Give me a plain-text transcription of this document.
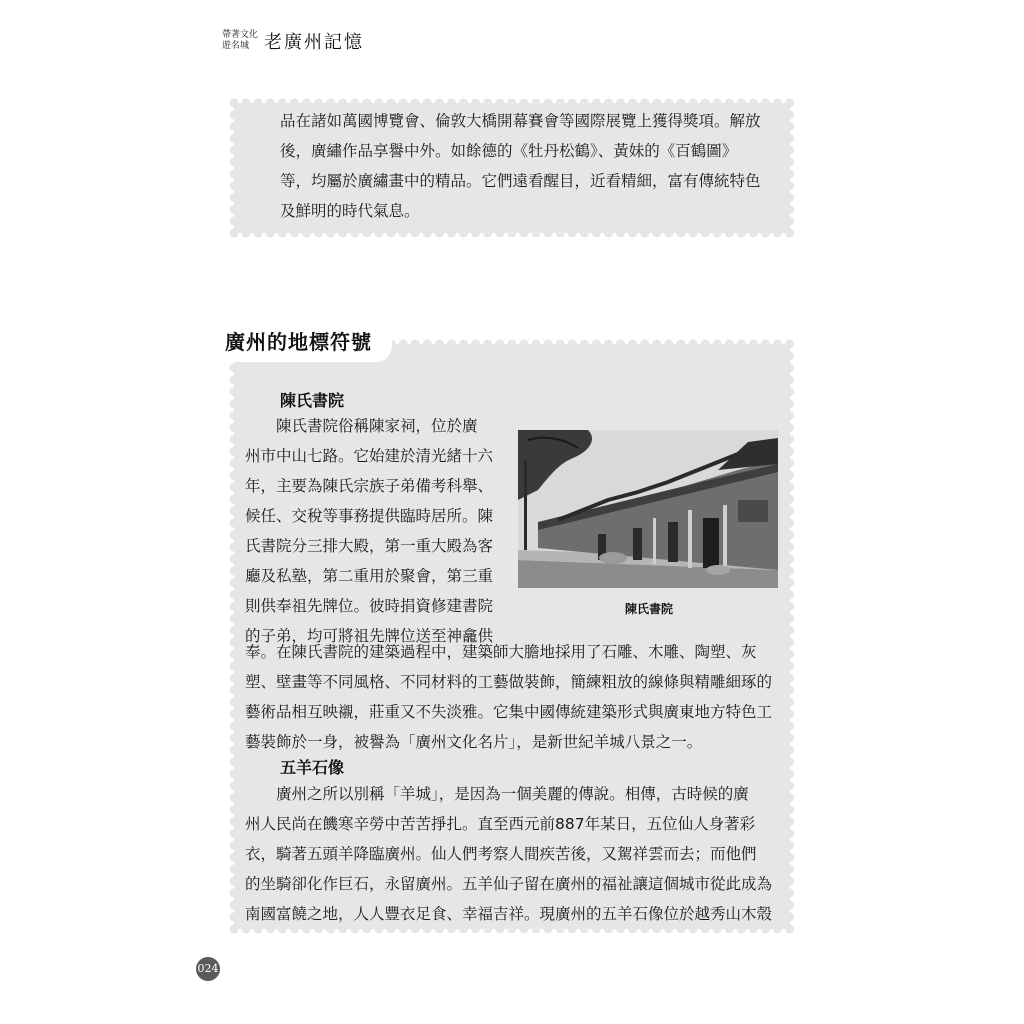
帶著文化
遊名城 老廣州記憶

品在諸如萬國博覽會、倫敦大橋開幕賽會等國際展覽上獲得獎項。解放
後，廣繡作品享譽中外。如餘德的《牡丹松鶴》、黃妹的《百鶴圖》
等，均屬於廣繡畫中的精品。它們遠看醒目，近看精細，富有傳統特色
及鮮明的時代氣息。

廣州的地標符號
陳氏書院

　　陳氏書院俗稱陳家祠，位於廣
州市中山七路。它始建於清光緒十六
年，主要為陳氏宗族子弟備考科舉、
候任、交稅等事務提供臨時居所。陳
氏書院分三排大殿，第一重大殿為客
廳及私塾，第二重用於聚會，第三重
則供奉祖先牌位。彼時捐資修建書院
的子弟，均可將祖先牌位送至神龕供

陳氏書院

奉。在陳氏書院的建築過程中，建築師大膽地採用了石雕、木雕、陶塑、灰
塑、壁畫等不同風格、不同材料的工藝做裝飾，簡練粗放的線條與精雕細琢的
藝術品相互映襯，莊重又不失淡雅。它集中國傳統建築形式與廣東地方特色工
藝裝飾於一身，被譽為「廣州文化名片」，是新世紀羊城八景之一。

五羊石像

　　廣州之所以別稱「羊城」，是因為一個美麗的傳說。相傳，古時候的廣
州人民尚在饑寒辛勞中苦苦掙扎。直至西元前887年某日，五位仙人身著彩
衣，騎著五頭羊降臨廣州。仙人們考察人間疾苦後，又駕祥雲而去；而他們
的坐騎卻化作巨石，永留廣州。五羊仙子留在廣州的福祉讓這個城市從此成為
南國富饒之地，人人豐衣足食、幸福吉祥。現廣州的五羊石像位於越秀山木殼

024
